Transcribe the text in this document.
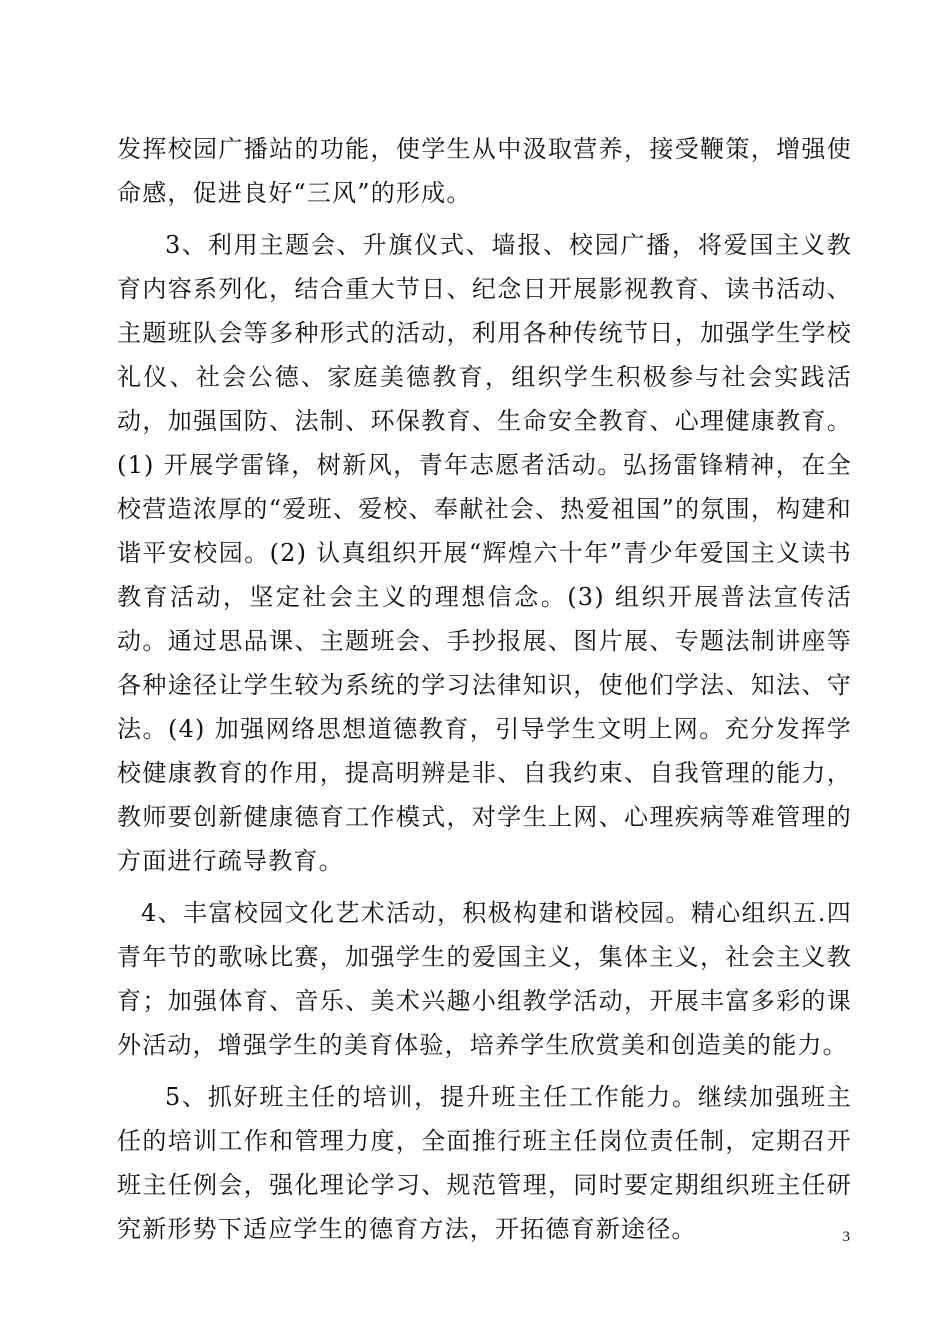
发挥校园广播站的功能，使学生从中汲取营养，接受鞭策，增强使命感，促进良好“三风”的形成。

3、利用主题会、升旗仪式、墙报、校园广播，将爱国主义教育内容系列化，结合重大节日、纪念日开展影视教育、读书活动、主题班队会等多种形式的活动，利用各种传统节日，加强学生学校礼仪、社会公德、家庭美德教育，组织学生积极参与社会实践活动，加强国防、法制、环保教育、生命安全教育、心理健康教育。(1) 开展学雷锋，树新风，青年志愿者活动。弘扬雷锋精神，在全校营造浓厚的“爱班、爱校、奉献社会、热爱祖国”的氛围，构建和谐平安校园。(2) 认真组织开展“辉煌六十年”青少年爱国主义读书教育活动，坚定社会主义的理想信念。(3) 组织开展普法宣传活动。通过思品课、主题班会、手抄报展、图片展、专题法制讲座等各种途径让学生较为系统的学习法律知识，使他们学法、知法、守法。(4) 加强网络思想道德教育，引导学生文明上网。充分发挥学校健康教育的作用，提高明辨是非、自我约束、自我管理的能力，教师要创新健康德育工作模式，对学生上网、心理疾病等难管理的方面进行疏导教育。

4、丰富校园文化艺术活动，积极构建和谐校园。精心组织五.四青年节的歌咏比赛，加强学生的爱国主义，集体主义，社会主义教育；加强体育、音乐、美术兴趣小组教学活动，开展丰富多彩的课外活动，增强学生的美育体验，培养学生欣赏美和创造美的能力。

5、抓好班主任的培训，提升班主任工作能力。继续加强班主任的培训工作和管理力度，全面推行班主任岗位责任制，定期召开班主任例会，强化理论学习、规范管理，同时要定期组织班主任研究新形势下适应学生的德育方法，开拓德育新途径。	3
